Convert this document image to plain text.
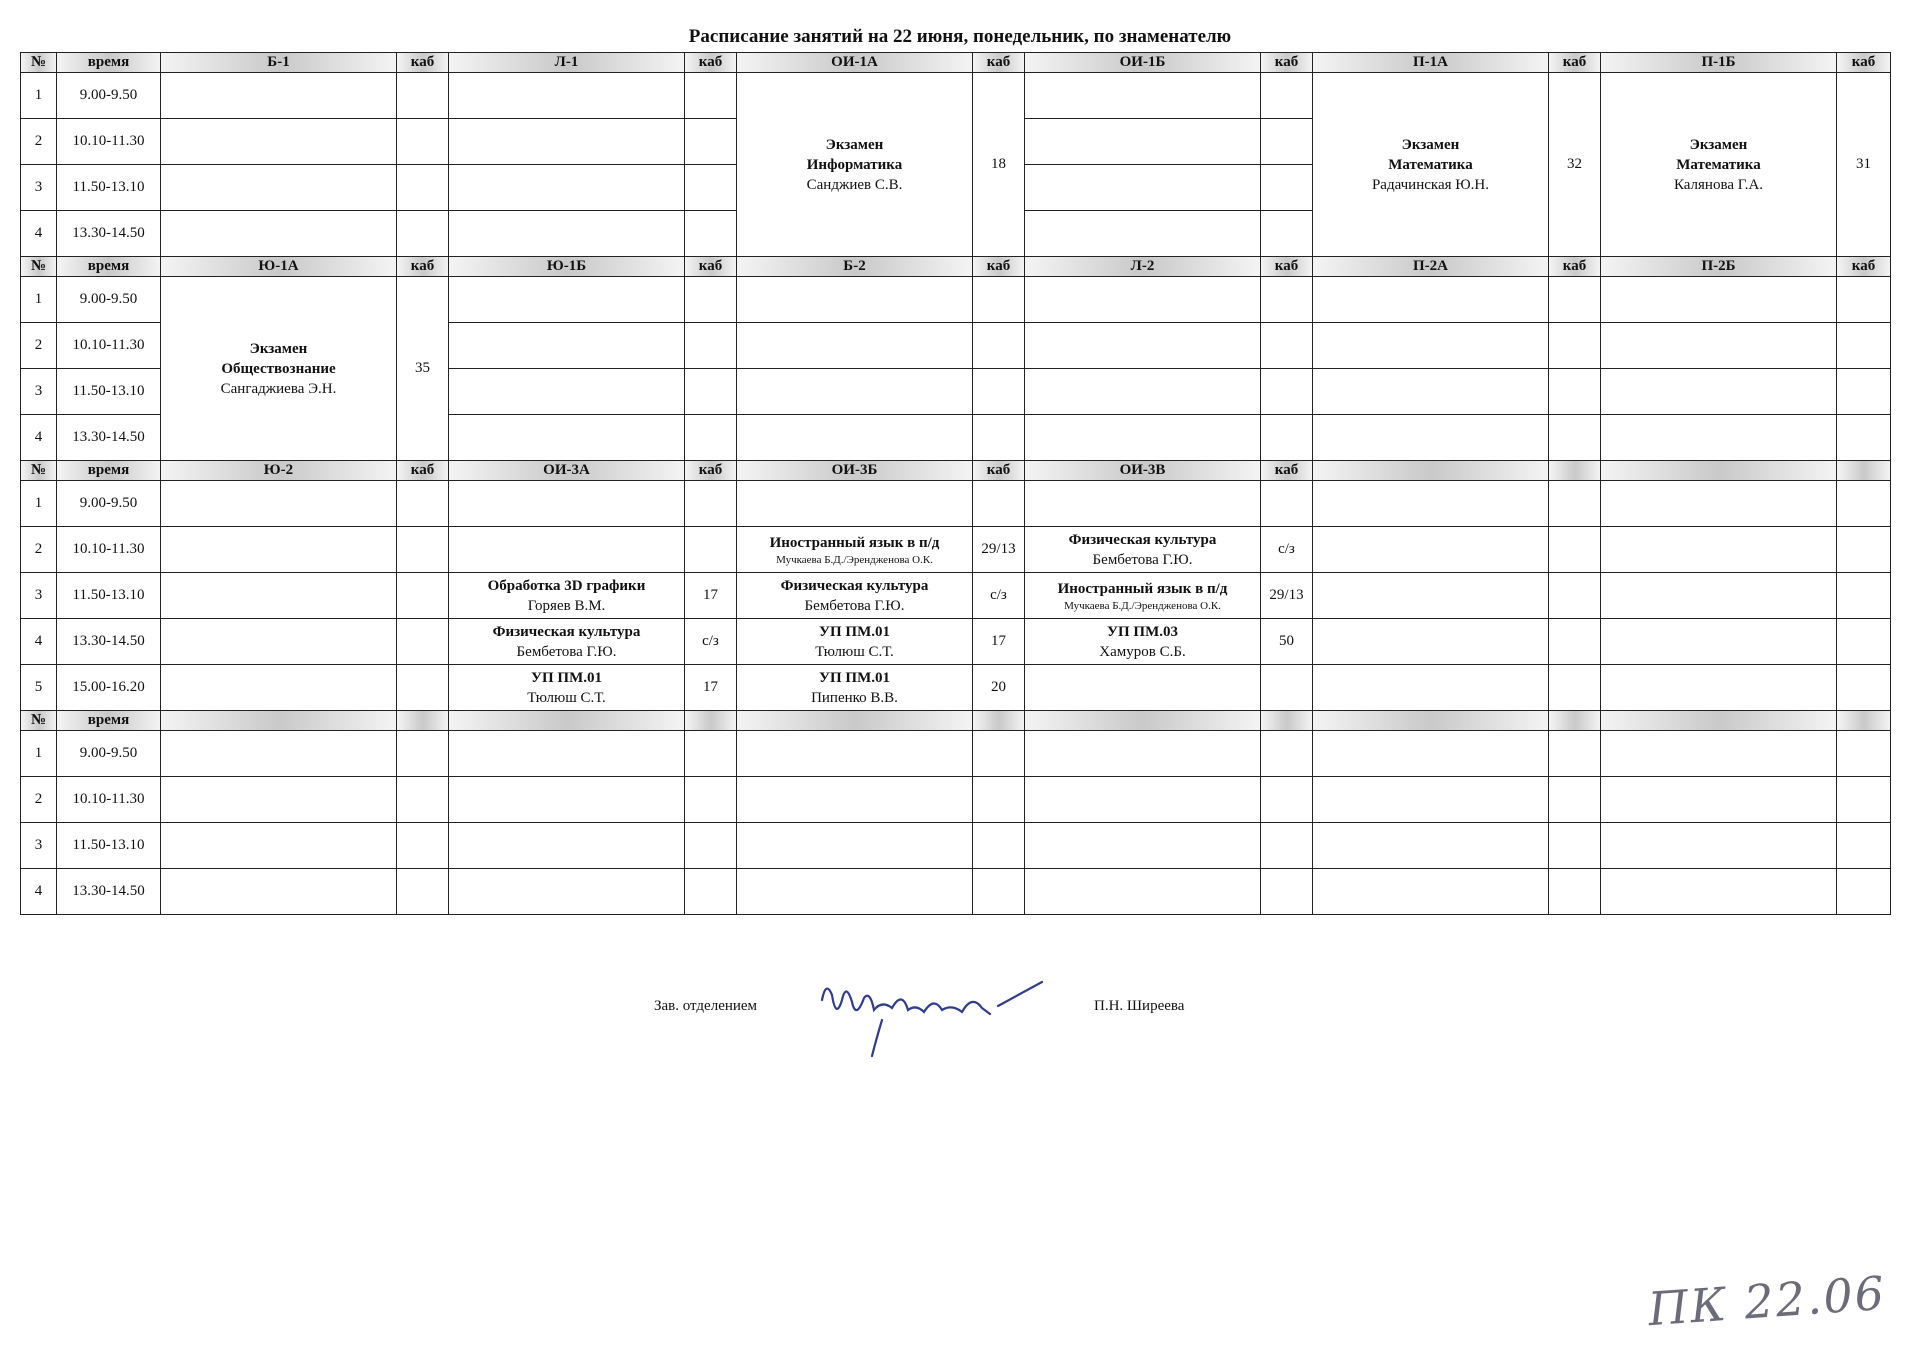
Расписание занятий на 22 июня, понедельник, по знаменателю
№	время	Б-1	каб	Л-1	каб	ОИ-1А	каб	ОИ-1Б	каб	П-1А	каб	П-1Б	каб
1	9.00-9.50					Экзамен
Информатика
Санджиев С.В.	18			Экзамен
Математика
Радачинская Ю.Н.	32	Экзамен
Математика
Калянова Г.А.	31
2	10.10-11.30												
3	11.50-13.10												
4	13.30-14.50												
№	время	Ю-1А	каб	Ю-1Б	каб	Б-2	каб	Л-2	каб	П-2А	каб	П-2Б	каб
1	9.00-9.50	Экзамен
Обществознание
Сангаджиева Э.Н.	35										
2	10.10-11.30												
3	11.50-13.10												
4	13.30-14.50												
№	время	Ю-2	каб	ОИ-3А	каб	ОИ-3Б	каб	ОИ-3В	каб				
1	9.00-9.50												
2	10.10-11.30					Иностранный язык в п/д
Мучкаева Б.Д./Эрендженова О.К.	29/13	Физическая культура
Бембетова Г.Ю.	с/з				
3	11.50-13.10			Обработка 3D графики
Горяев В.М.	17	Физическая культура
Бембетова Г.Ю.	с/з	Иностранный язык в п/д
Мучкаева Б.Д./Эрендженова О.К.	29/13				
4	13.30-14.50			Физическая культура
Бембетова Г.Ю.	с/з	УП ПМ.01
Тюлюш С.Т.	17	УП ПМ.03
Хамуров С.Б.	50				
5	15.00-16.20			УП ПМ.01
Тюлюш С.Т.	17	УП ПМ.01
Пипенко В.В.	20						
№	время												
1	9.00-9.50												
2	10.10-11.30												
3	11.50-13.10												
4	13.30-14.50												
Зав. отделением	П.Н. Ширеева
ПК 22.06
